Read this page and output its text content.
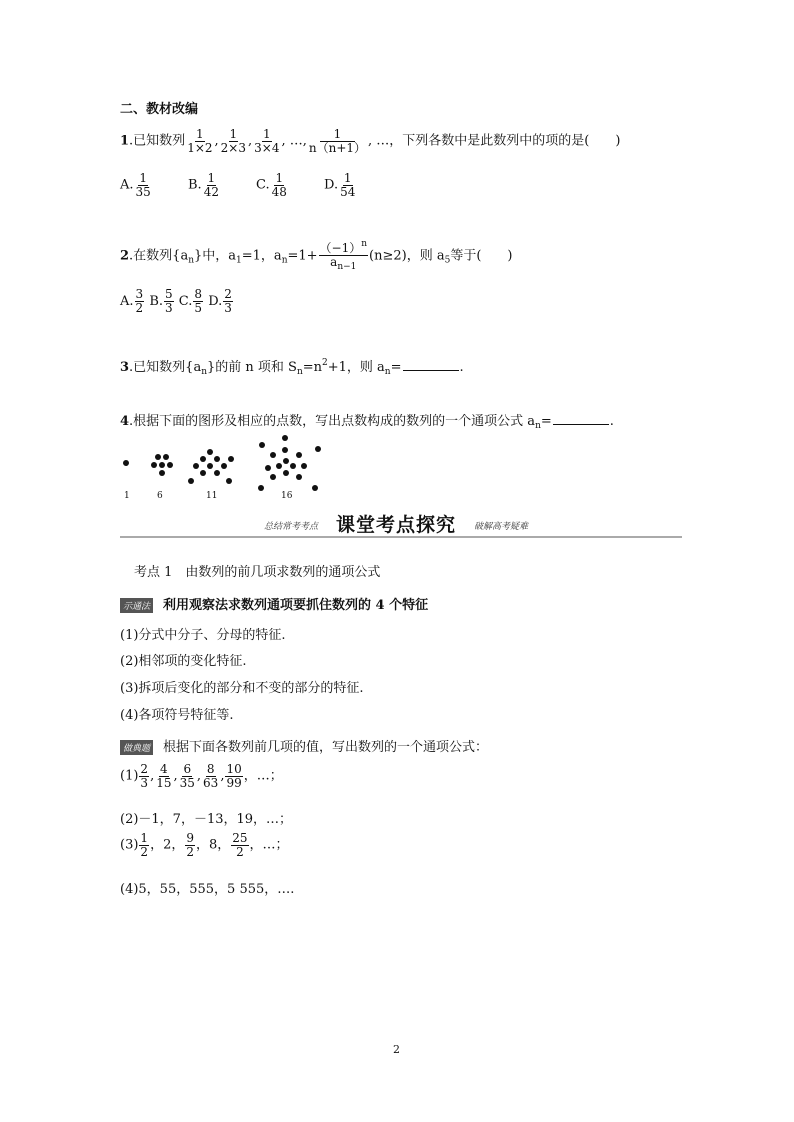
二、教材改编
1.已知数列 $\frac{1}{1\times 2}$ , $\frac{1}{2\times 3}$ , $\frac{1}{3\times 4}$ , …, $\frac{1}{n(n+1)}$ , …，下列各数中是此数列中的项的是(　　)
A. $\frac{1}{35}$	B. $\frac{1}{42}$	C. $\frac{1}{48}$	D. $\frac{1}{54}$
2.在数列$\{a_n\}$中，$a_1=1$，$a_n=1+ \frac{(-1)^n}{a_{n-1}} (n\ge 2)$，则 $a_5$等于(　　)
A. $\frac{3}{2} B$. $\frac{5}{3} C$. $\frac{8}{5} D$. $\frac{2}{3}$
3.已知数列$\{a_n\}$的前 n 项和 $S_n=n^2+1$，则 $a_n=$	.
4.根据下面的图形及相应的点数，写出点数构成的数列的一个通项公式 $a_n=$	.
1	6	11	16
总结常考考点 课堂考点探究 破解高考疑难
考点 1　由数列的前几项求数列的通项公式
示通法 利用观察法求数列通项要抓住数列的 4 个特征
(1)分式中分子、分母的特征.
(2)相邻项的变化特征.
(3)拆项后变化的部分和不变的部分的特征.
(4)各项符号特征等.
做典题 根据下面各数列前几项的值，写出数列的一个通项公式：
$(1) \frac{2}{3}$ , $\frac{4}{15}$ , $\frac{6}{35}$ , $\frac{8}{63}$ , $\frac{10}{99}$ ，…；
(2)－1，7，－13，19，…；
$(3) \frac{1}{2}$ ，2， $\frac{9}{2}$ ，8， $\frac{25}{2}$ ，…；
(4)5，55，555，5 555，….
2
